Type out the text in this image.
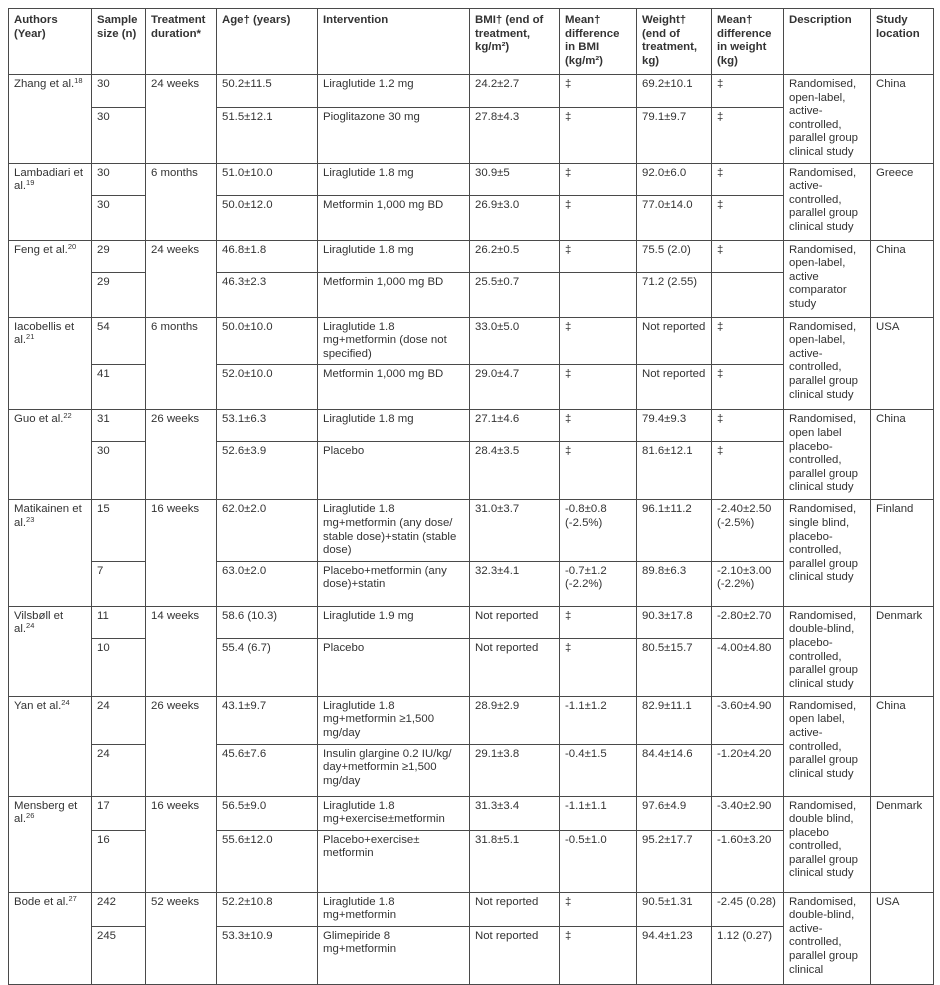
Authors (Year)	Sample size (n)	Treatment duration*	Age† (years)	Intervention	BMI† (end of treatment, kg/m²)	Mean† difference in BMI (kg/m²)	Weight† (end of treatment, kg)	Mean† difference in weight (kg)	Description	Study location
Zhang et al.$^{18}$	30	24 weeks	50.2±11.5	Liraglutide 1.2 mg	24.2±2.7	‡	69.2±10.1	‡	Randomised, open-label, active-controlled, parallel group clinical study	China
	30		51.5±12.1	Pioglitazone 30 mg	27.8±4.3	‡	79.1±9.7	‡		
Lambadiari et al.$^{19}$	30	6 months	51.0±10.0	Liraglutide 1.8 mg	30.9±5	‡	92.0±6.0	‡	Randomised, active-controlled, parallel group clinical study	Greece
	30		50.0±12.0	Metformin 1,000 mg BD	26.9±3.0	‡	77.0±14.0	‡		
Feng et al.$^{20}$	29	24 weeks	46.8±1.8	Liraglutide 1.8 mg	26.2±0.5	‡	75.5 (2.0)	‡	Randomised, open-label, active comparator study	China
	29		46.3±2.3	Metformin 1,000 mg BD	25.5±0.7		71.2 (2.55)			
Iacobellis et al.$^{21}$	54	6 months	50.0±10.0	Liraglutide 1.8 mg+metformin (dose not specified)	33.0±5.0	‡	Not reported	‡	Randomised, open-label, active-controlled, parallel group clinical study	USA
	41		52.0±10.0	Metformin 1,000 mg BD	29.0±4.7	‡	Not reported	‡		
Guo et al.$^{22}$	31	26 weeks	53.1±6.3	Liraglutide 1.8 mg	27.1±4.6	‡	79.4±9.3	‡	Randomised, open label placebo-controlled, parallel group clinical study	China
	30		52.6±3.9	Placebo	28.4±3.5	‡	81.6±12.1	‡		
Matikainen et al.$^{23}$	15	16 weeks	62.0±2.0	Liraglutide 1.8 mg+metformin (any dose/ stable dose)+statin (stable dose)	31.0±3.7	-0.8±0.8 (-2.5%)	96.1±11.2	-2.40±2.50 (-2.5%)	Randomised, single blind, placebo-controlled, parallel group clinical study	Finland
	7		63.0±2.0	Placebo+metformin (any dose)+statin	32.3±4.1	-0.7±1.2 (-2.2%)	89.8±6.3	-2.10±3.00 (-2.2%)		
Vilsbøll et al.$^{24}$	11	14 weeks	58.6 (10.3)	Liraglutide 1.9 mg	Not reported	‡	90.3±17.8	-2.80±2.70	Randomised, double-blind, placebo-controlled, parallel group clinical study	Denmark
	10		55.4 (6.7)	Placebo	Not reported	‡	80.5±15.7	-4.00±4.80		
Yan et al.$^{24}$	24	26 weeks	43.1±9.7	Liraglutide 1.8 mg+metformin ≥1,500 mg/day	28.9±2.9	-1.1±1.2	82.9±11.1	-3.60±4.90	Randomised, open label, active-controlled, parallel group clinical study	China
	24		45.6±7.6	Insulin glargine 0.2 IU/kg/ day+metformin ≥1,500 mg/day	29.1±3.8	-0.4±1.5	84.4±14.6	-1.20±4.20		
Mensberg et al.$^{26}$	17	16 weeks	56.5±9.0	Liraglutide 1.8 mg+exercise±metformin	31.3±3.4	-1.1±1.1	97.6±4.9	-3.40±2.90	Randomised, double blind, placebo controlled, parallel group clinical study	Denmark
	16		55.6±12.0	Placebo+exercise± metformin	31.8±5.1	-0.5±1.0	95.2±17.7	-1.60±3.20		
Bode et al.$^{27}$	242	52 weeks	52.2±10.8	Liraglutide 1.8 mg+metformin	Not reported	‡	90.5±1.31	-2.45 (0.28)	Randomised, double-blind, active-controlled, parallel group clinical	USA
	245		53.3±10.9	Glimepiride 8 mg+metformin	Not reported	‡	94.4±1.23	1.12 (0.27)		
